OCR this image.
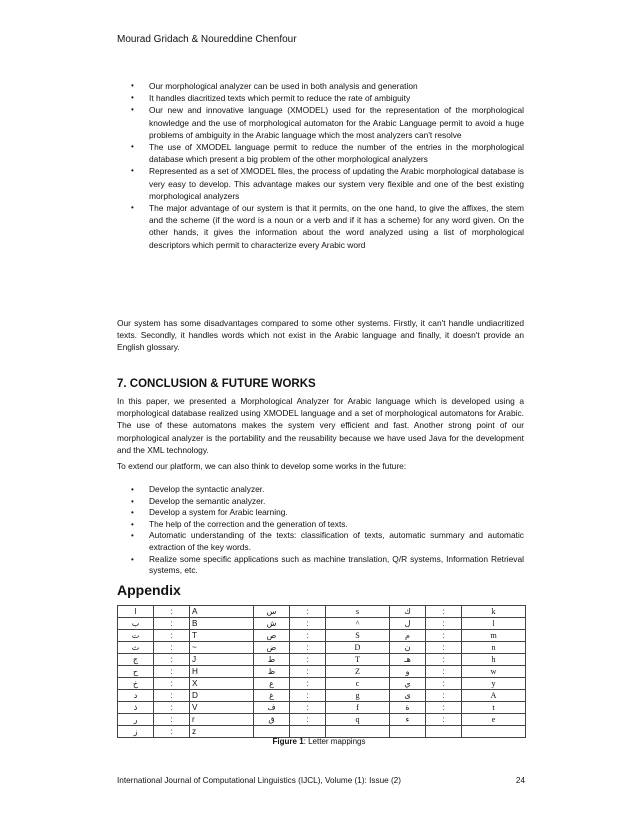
Mourad Gridach & Noureddine Chenfour
• Our morphological analyzer can be used in both analysis and generation
• It handles diacritized texts which permit to reduce the rate of ambiguity
• Our new and innovative language (XMODEL) used for the representation of the morphological knowledge and the use of morphological automaton for the Arabic Language permit to avoid a huge problems of ambiguity in the Arabic language which the most analyzers can't resolve
• The use of XMODEL language permit to reduce the number of the entries in the morphological database which present a big problem of the other morphological analyzers
• Represented as a set of XMODEL files, the process of updating the Arabic morphological database is very easy to develop. This advantage makes our system very flexible and one of the best existing morphological analyzers
• The major advantage of our system is that it permits, on the one hand, to give the affixes, the stem and the scheme (if the word is a noun or a verb and if it has a scheme) for any word given. On the other hands, it gives the information about the word analyzed using a list of morphological descriptors which permit to characterize every Arabic word

Our system has some disadvantages compared to some other systems. Firstly, it can't handle undiacritized texts. Secondly, it handles words which not exist in the Arabic language and finally, it doesn't provide an English glossary.

7. CONCLUSION & FUTURE WORKS

In this paper, we presented a Morphological Analyzer for Arabic language which is developed using a morphological database realized using XMODEL language and a set of morphological automatons for Arabic. The use of these automatons makes the system very efficient and fast. Another strong point of our morphological analyzer is the portability and the reusability because we have used Java for the development and the XML technology.

To extend our platform, we can also think to develop some works in the future:

• Develop the syntactic analyzer.
• Develop the semantic analyzer.
• Develop a system for Arabic learning.
• The help of the correction and the generation of texts.
• Automatic understanding of the texts: classification of texts, automatic summary and automatic extraction of the key words.
• Realize some specific applications such as machine translation, Q/R systems, Information Retrieval systems, etc.
Appendix
ا	:	A	س	:	s	ك	:	k
ب	:	B	ش	:	^	ل	:	l
ت	:	T	ص	:	S	م	:	m
ث	:	~	ض	:	D	ن	:	n
ج	:	J	ط	:	T	هـ	:	h
ح	:	H	ظ	:	Z	و	:	w
خ	:	X	ع	:	c	ي	:	y
د	:	D	غ	:	g	ى	:	A
ذ	:	V	ف	:	f	ة	:	t
ر	:	r	ق	:	q	ء	:	e
ز	:	z						
Figure 1: Letter mappings
International Journal of Computational Linguistics (IJCL), Volume (1): Issue (2)	24
